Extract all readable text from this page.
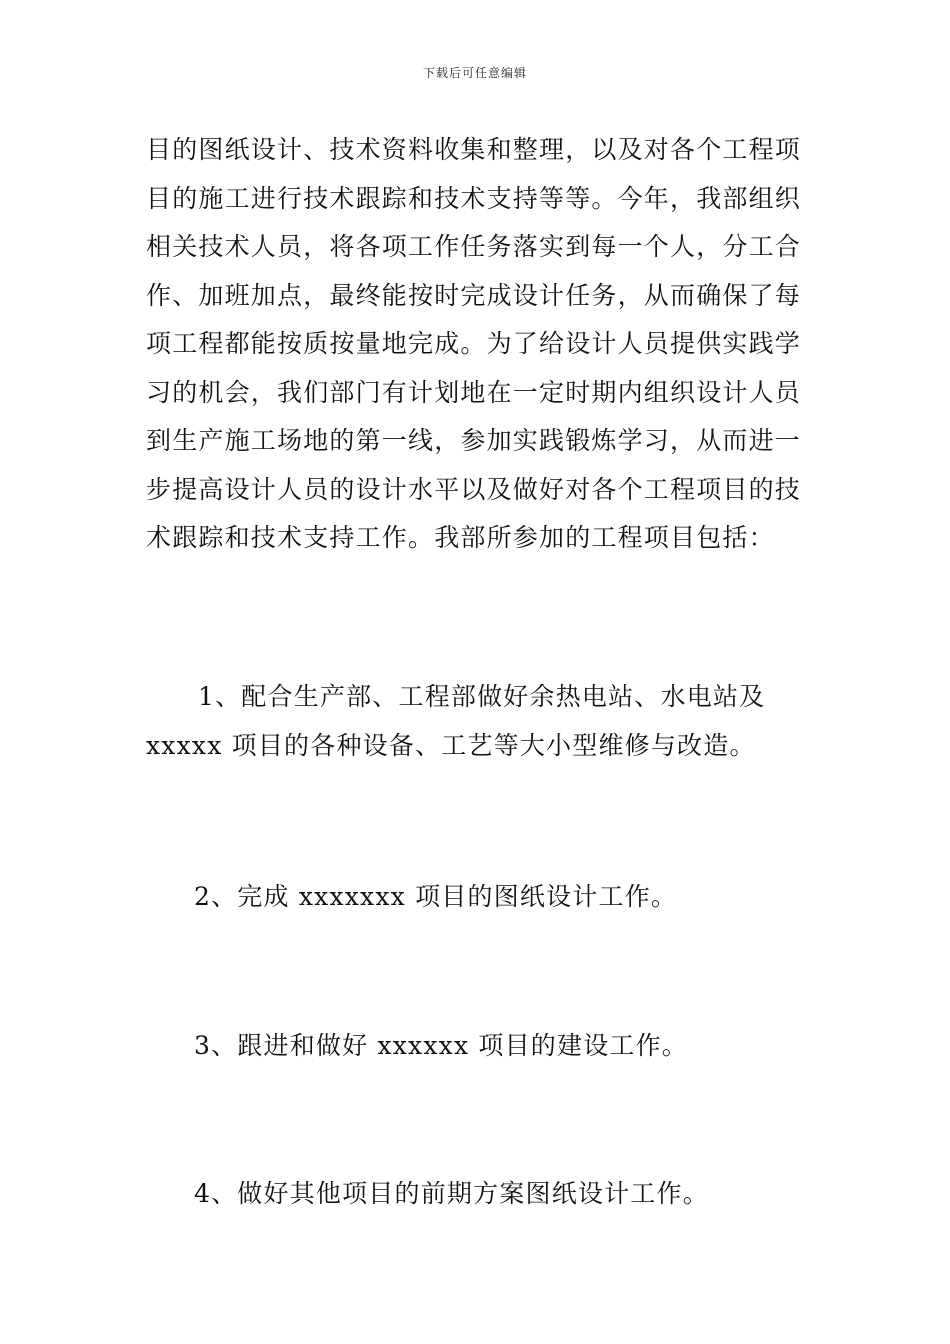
下载后可任意编辑
目的图纸设计、技术资料收集和整理，以及对各个工程项
目的施工进行技术跟踪和技术支持等等。今年，我部组织
相关技术人员，将各项工作任务落实到每一个人，分工合
作、加班加点，最终能按时完成设计任务，从而确保了每
项工程都能按质按量地完成。为了给设计人员提供实践学
习的机会，我们部门有计划地在一定时期内组织设计人员
到生产施工场地的第一线，参加实践锻炼学习，从而进一
步提高设计人员的设计水平以及做好对各个工程项目的技
术跟踪和技术支持工作。我部所参加的工程项目包括：
1、配合生产部、工程部做好余热电站、水电站及
xxxxx 项目的各种设备、工艺等大小型维修与改造。
2、完成 xxxxxxx 项目的图纸设计工作。
3、跟进和做好 xxxxxx 项目的建设工作。
4、做好其他项目的前期方案图纸设计工作。
